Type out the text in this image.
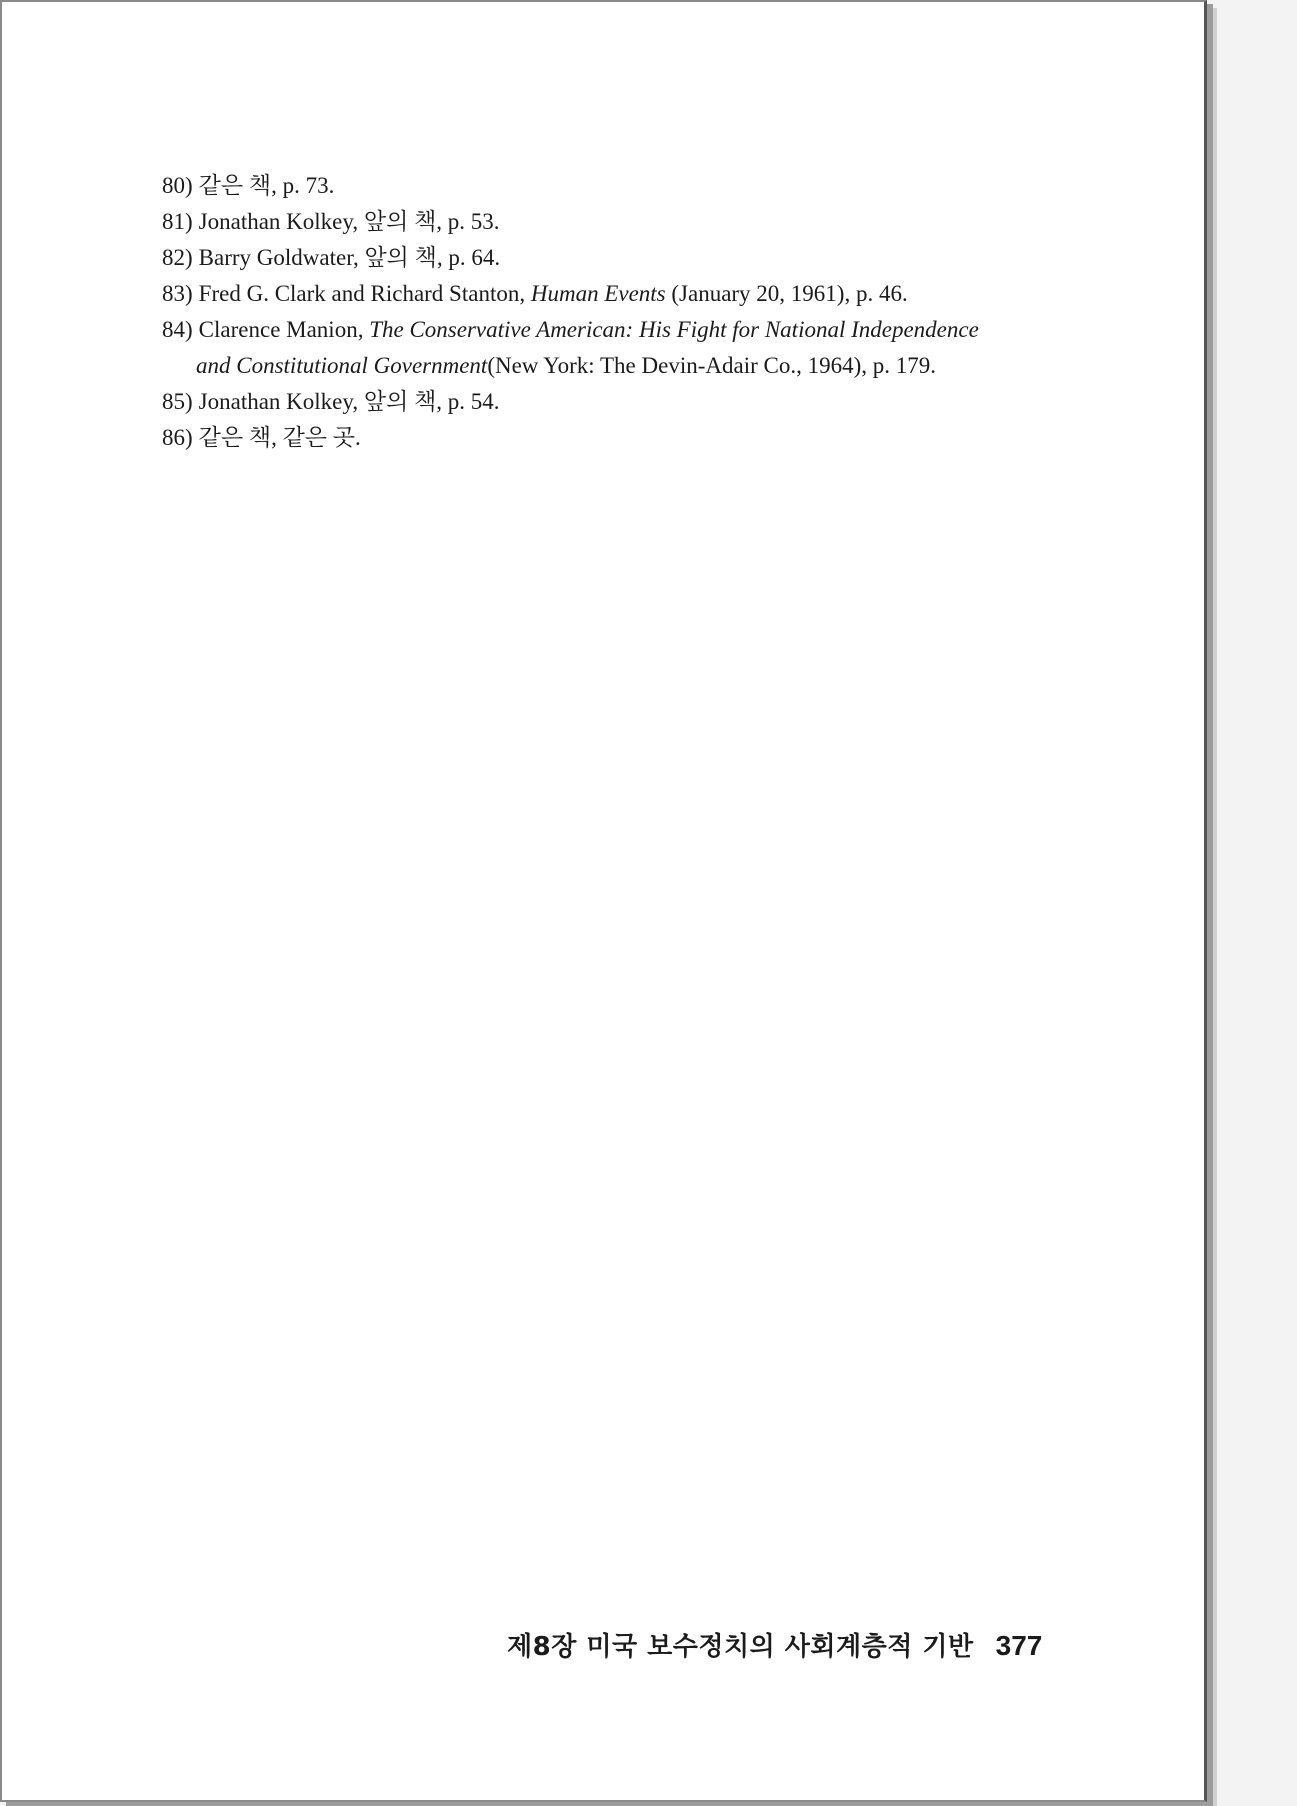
80) 같은 책, p. 73.
81) Jonathan Kolkey, 앞의 책, p. 53.
82) Barry Goldwater, 앞의 책, p. 64.
83) Fred G. Clark and Richard Stanton, Human Events (January 20, 1961), p. 46.
84) Clarence Manion, The Conservative American: His Fight for National Independence
and Constitutional Government(New York: The Devin-Adair Co., 1964), p. 179.
85) Jonathan Kolkey, 앞의 책, p. 54.
86) 같은 책, 같은 곳.
제8장 미국 보수정치의 사회계층적 기반 377
